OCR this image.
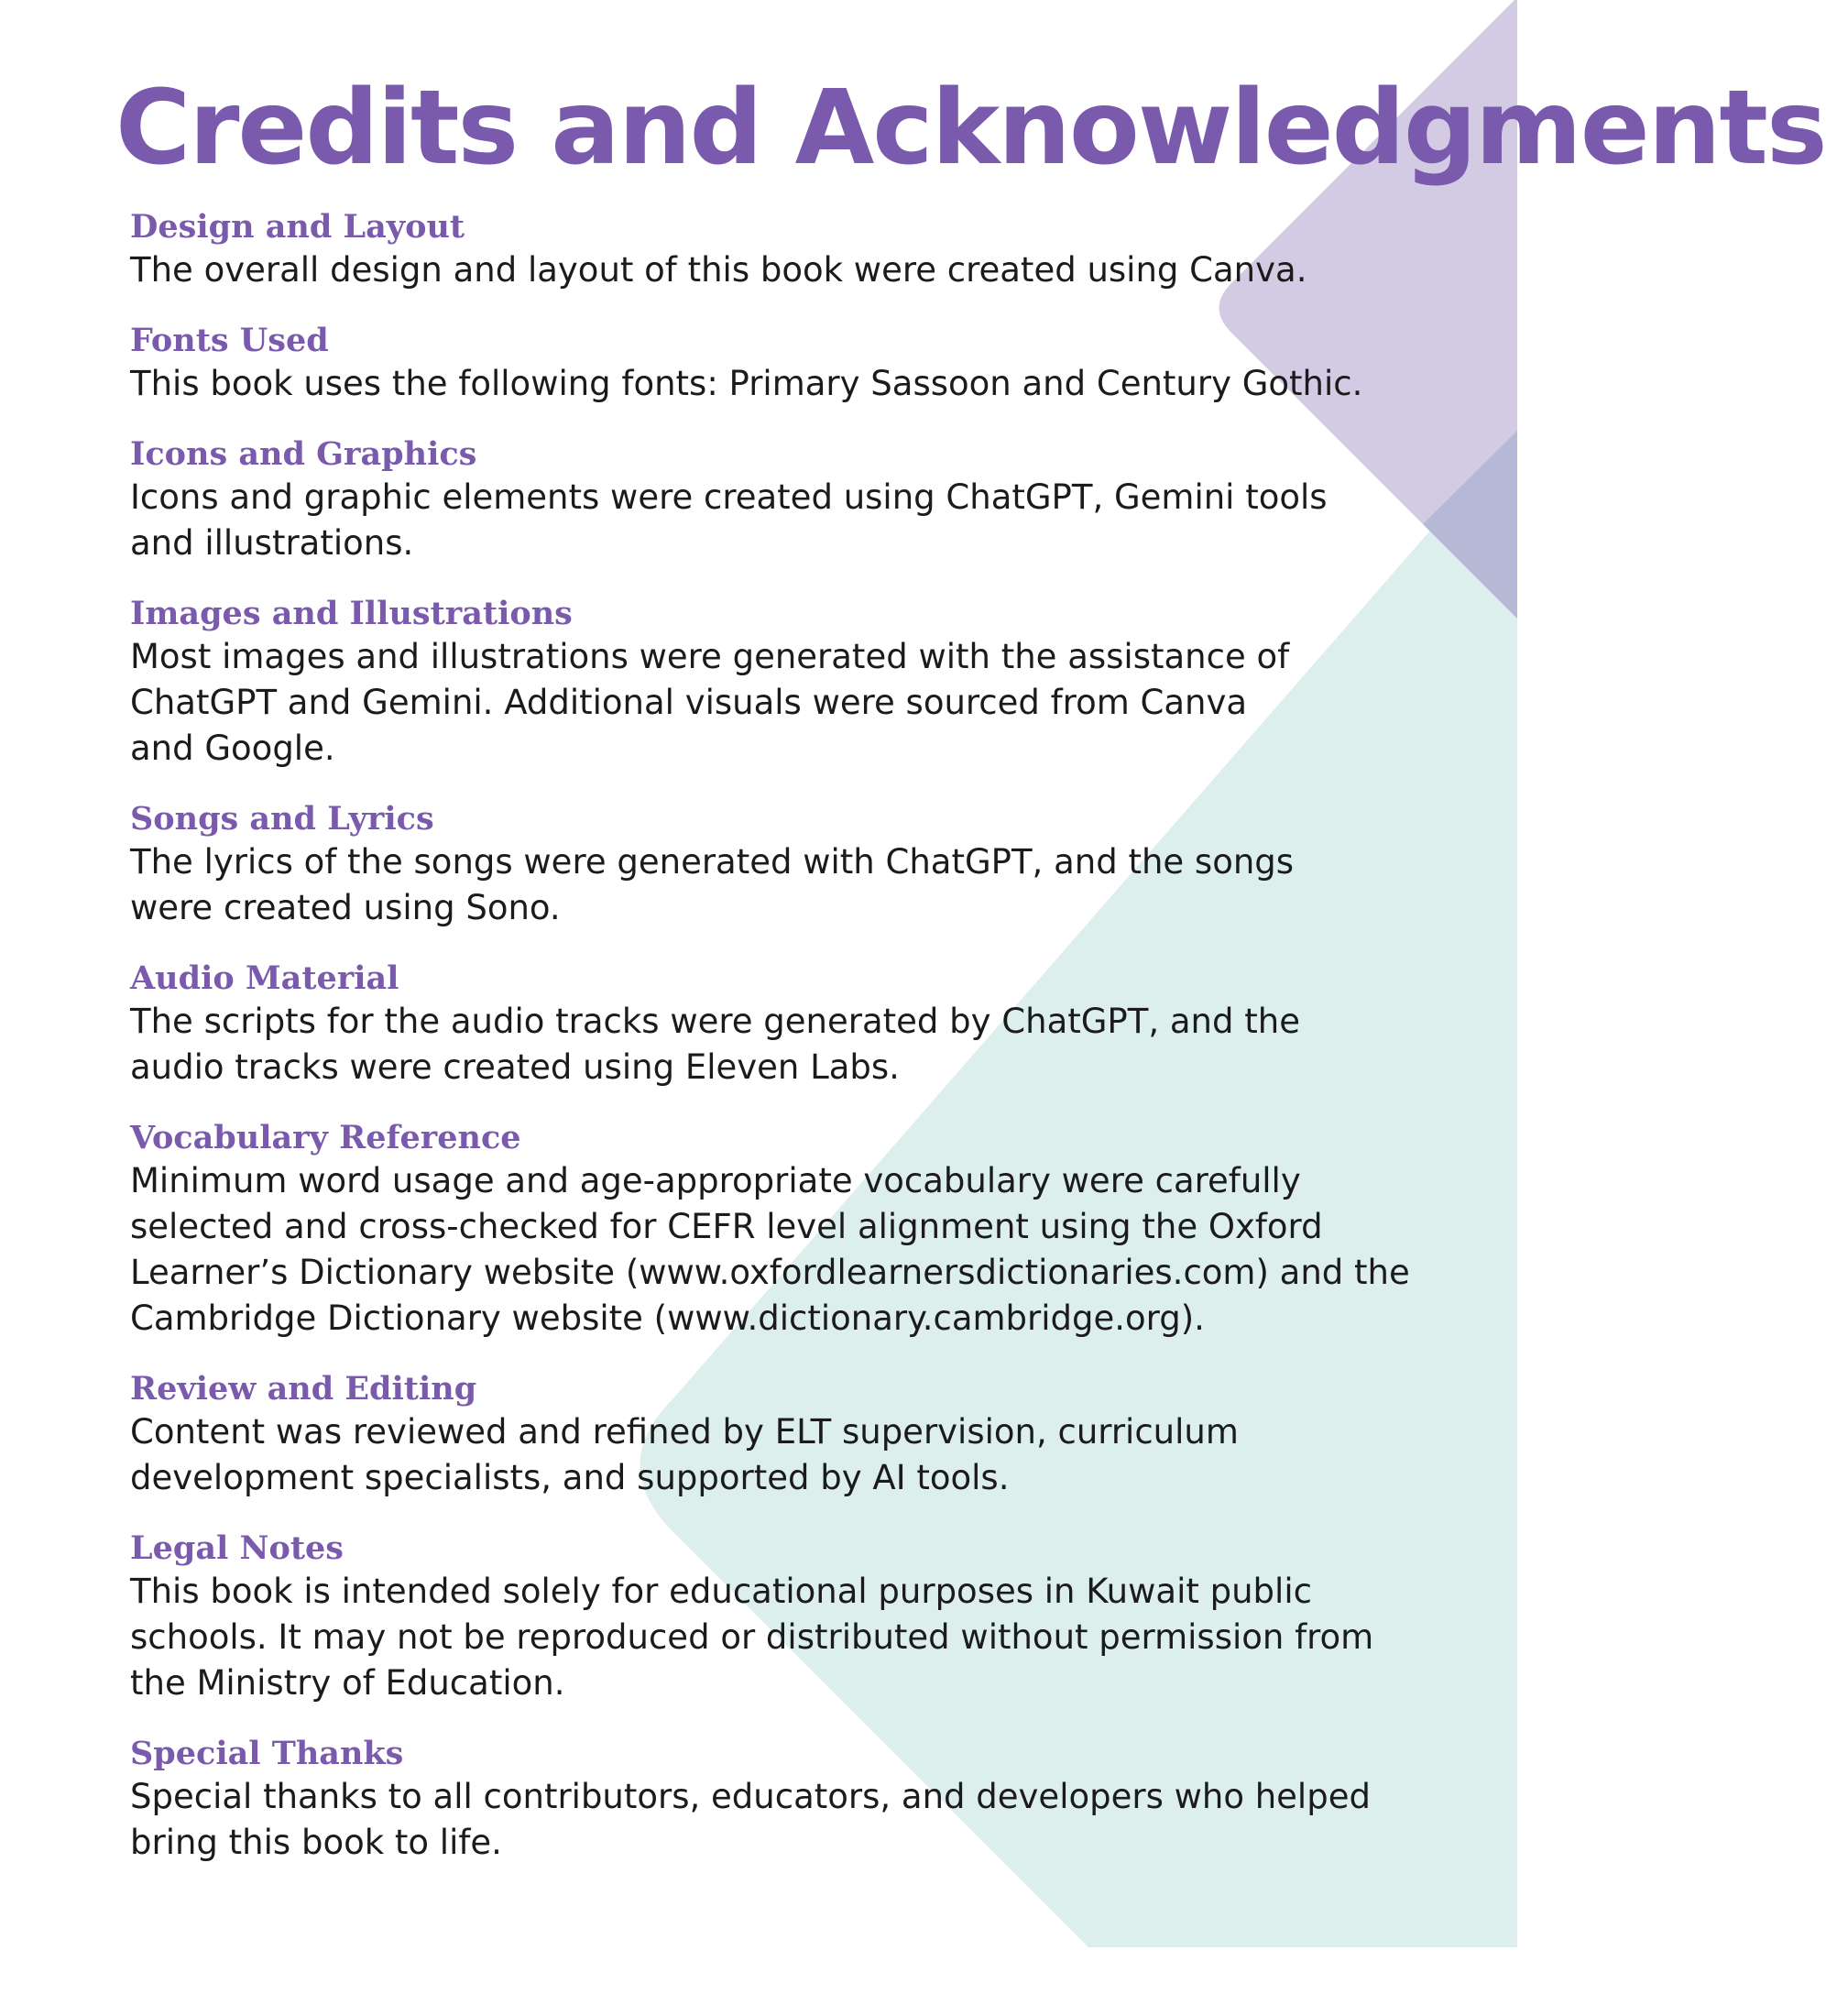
Credits and Acknowledgments
Design and Layout

The overall design and layout of this book were created using Canva.

Fonts Used

This book uses the following fonts: Primary Sassoon and Century Gothic.

Icons and Graphics

Icons and graphic elements were created using ChatGPT, Gemini tools and illustrations.

Images and Illustrations

Most images and illustrations were generated with the assistance of ChatGPT and Gemini. Additional visuals were sourced from Canva and Google.

Songs and Lyrics

The lyrics of the songs were generated with ChatGPT, and the songs were created using Sono.

Audio Material

The scripts for the audio tracks were generated by ChatGPT, and the audio tracks were created using Eleven Labs.

Vocabulary Reference

Minimum word usage and age-appropriate vocabulary were carefully selected and cross-checked for CEFR level alignment using the Oxford Learner’s Dictionary website (www.oxfordlearnersdictionaries.com) and the Cambridge Dictionary website (www.dictionary.cambridge.org).

Review and Editing

Content was reviewed and refined by ELT supervision, curriculum development specialists, and supported by AI tools.

Legal Notes

This book is intended solely for educational purposes in Kuwait public schools. It may not be reproduced or distributed without permission from the Ministry of Education.

Special Thanks

Special thanks to all contributors, educators, and developers who helped bring this book to life.
